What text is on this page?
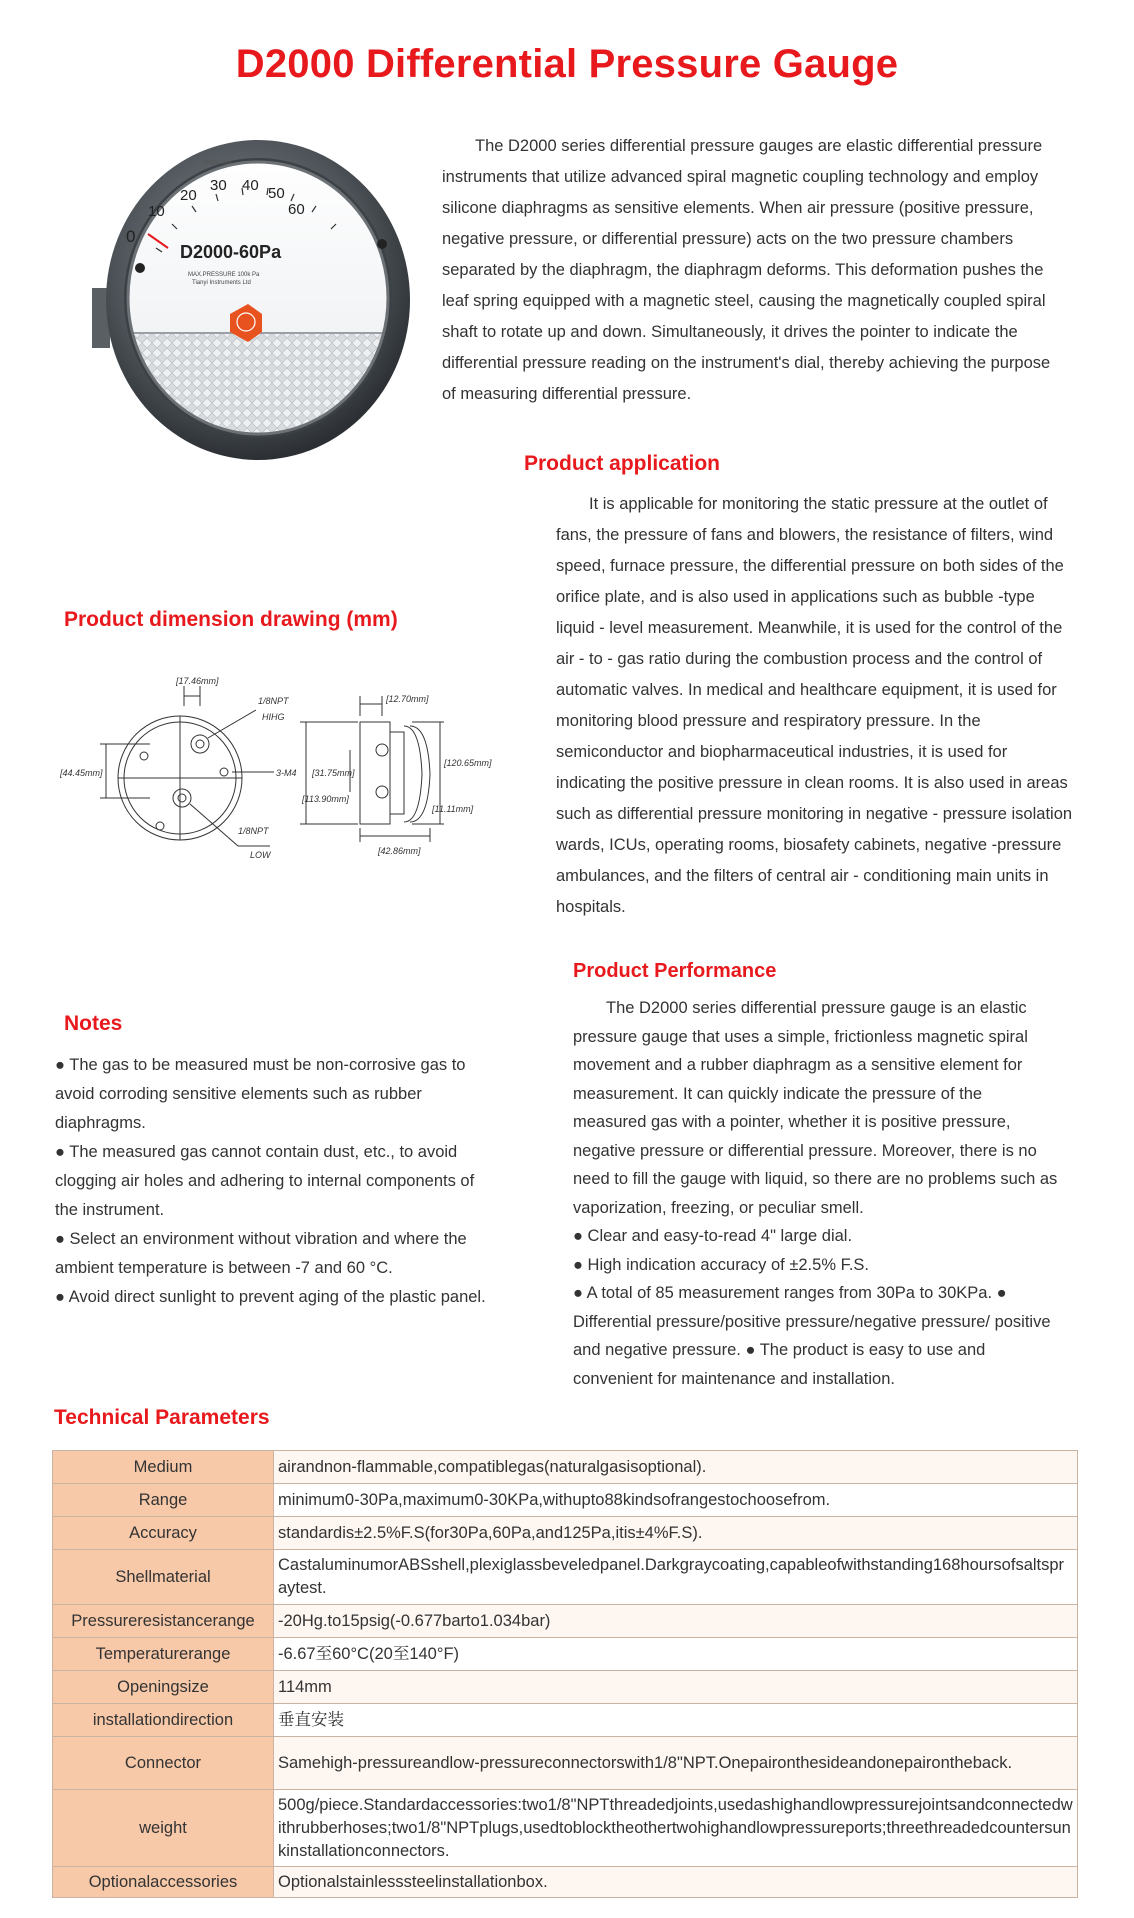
D2000 Differential Pressure Gauge
0
10
20
30 40 50
60
pascals
D2000-60Pa
MAX.PRESSURE 100k Pa
Tianyi Instruments Ltd

The D2000 series differential pressure gauges are elastic differential pressure

instruments that utilize advanced spiral magnetic coupling technology and employ
silicone diaphragms as sensitive elements. When air pressure (positive pressure,
negative pressure, or differential pressure) acts on the two pressure chambers
separated by the diaphragm, the diaphragm deforms. This deformation pushes the
leaf spring equipped with a magnetic steel, causing the magnetically coupled spiral
shaft to rotate up and down. Simultaneously, it drives the pointer to indicate the
differential pressure reading on the instrument's dial, thereby achieving the purpose
of measuring differential pressure.
Product application

It is applicable for monitoring the static pressure at the outlet of

fans, the pressure of fans and blowers, the resistance of filters, wind
speed, furnace pressure, the differential pressure on both sides of the
orifice plate, and is also used in applications such as bubble -type
liquid - level measurement. Meanwhile, it is used for the control of the
air - to - gas ratio during the combustion process and the control of
automatic valves. In medical and healthcare equipment, it is used for
monitoring blood pressure and respiratory pressure. In the
semiconductor and biopharmaceutical industries, it is used for
indicating the positive pressure in clean rooms. It is also used in areas
such as differential pressure monitoring in negative - pressure isolation
wards, ICUs, operating rooms, biosafety cabinets, negative -pressure
ambulances, and the filters of central air - conditioning main units in
hospitals.
Product dimension drawing (mm)
[17.46mm]
1/8NPT
HIHG
[44.45mm]	3-M4
1/8NPT
LOW
[12.70mm]
[120.65mm]
[31.75mm]
[113.90mm]
[11.11mm]
[42.86mm]
Notes
● The gas to be measured must be non-corrosive gas to
avoid corroding sensitive elements such as rubber
diaphragms.
● The measured gas cannot contain dust, etc., to avoid
clogging air holes and adhering to internal components of
the instrument.
● Select an environment without vibration and where the
ambient temperature is between -7 and 60 °C.
● Avoid direct sunlight to prevent aging of the plastic panel.
Product Performance
The D2000 series differential pressure gauge is an elastic
pressure gauge that uses a simple, frictionless magnetic spiral
movement and a rubber diaphragm as a sensitive element for
measurement. It can quickly indicate the pressure of the
measured gas with a pointer, whether it is positive pressure,
negative pressure or differential pressure. Moreover, there is no
need to fill the gauge with liquid, so there are no problems such as
vaporization, freezing, or peculiar smell.
● Clear and easy-to-read 4" large dial.
● High indication accuracy of ±2.5% F.S.
● A total of 85 measurement ranges from 30Pa to 30KPa. ●
Differential pressure/positive pressure/negative pressure/ positive
and negative pressure. ● The product is easy to use and
convenient for maintenance and installation.
Technical Parameters
Medium	airandnon-flammable,compatiblegas(naturalgasisoptional).
Range	minimum0-30Pa,maximum0-30KPa,withupto88kindsofrangestochoosefrom.
Accuracy	standardis±2.5%F.S(for30Pa,60Pa,and125Pa,itis±4%F.S).
Shellmaterial	CastaluminumorABSshell,plexiglassbeveledpanel.Darkgraycoating,capableofwithstanding168hoursofsaltspraytest.
Pressureresistancerange	-20Hg.to15psig(-0.677barto1.034bar)
Temperaturerange	-6.67至60°C(20至140°F)
Openingsize	114mm
installationdirection	垂直安装
Connector	Samehigh-pressureandlow-pressureconnectorswith1/8"NPT.Onepaironthesideandonepairontheback.
weight	500g/piece.Standardaccessories:two1/8"NPTthreadedjoints,usedashighandlowpressurejointsandconnectedwithrubberhoses;two1/8"NPTplugs,usedtoblocktheothertwohighandlowpressureports;threethreadedcountersunkinstallationconnectors.
Optionalaccessories	Optionalstainlesssteelinstallationbox.
